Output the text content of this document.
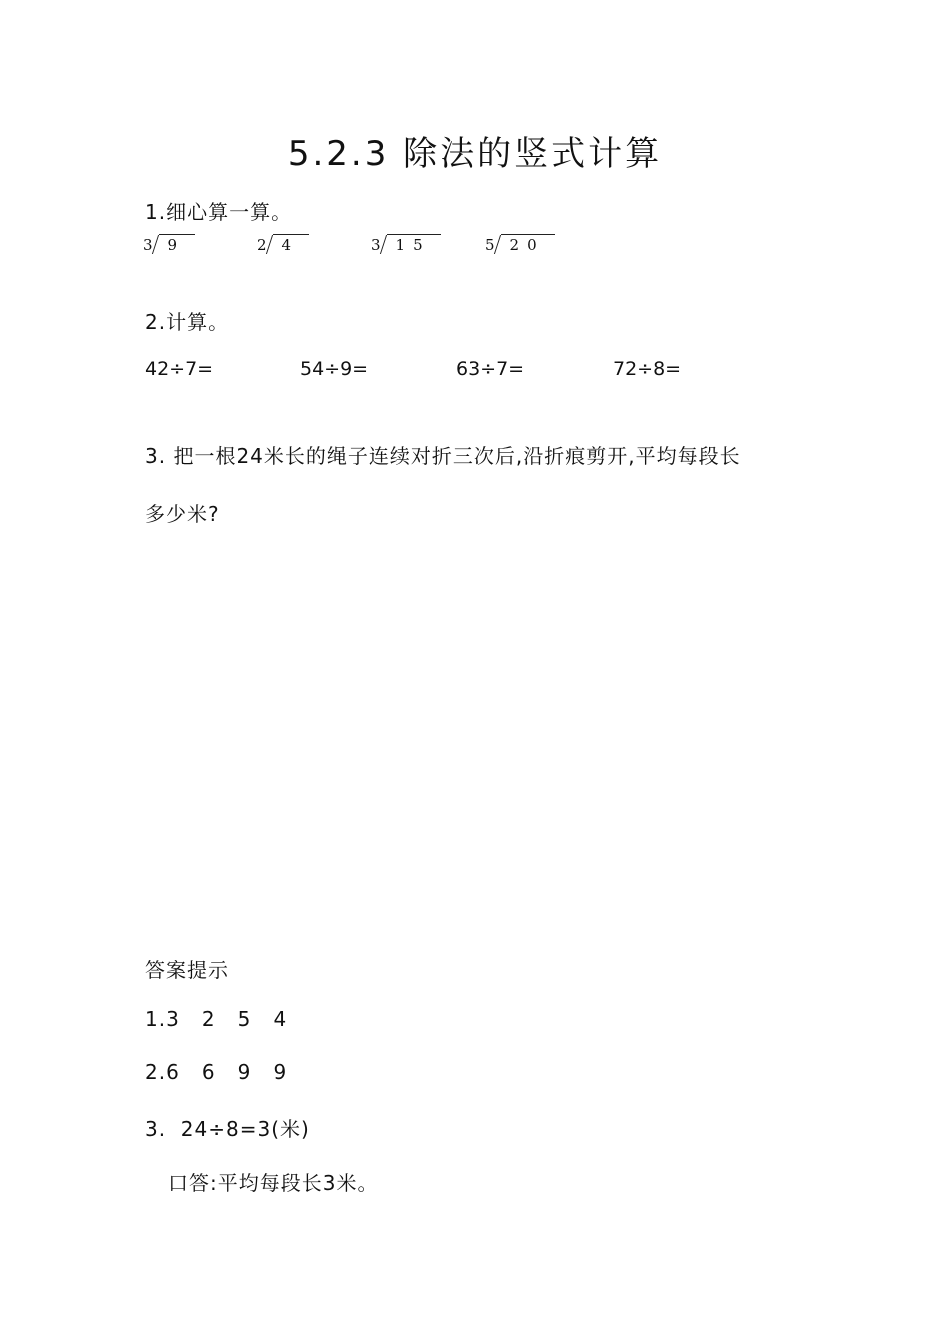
5.2.3 除法的竖式计算
1.细心算一算。
3	9	2	4	3	15	5	20
2.计算。
42÷7=	54÷9=	63÷7=	72÷8=
3. 把一根24米长的绳子连续对折三次后,沿折痕剪开,平均每段长
多少米?
答案提示
1.3   2   5   4
2.6   6   9   9
3.  24÷8=3(米)
口答:平均每段长3米。
